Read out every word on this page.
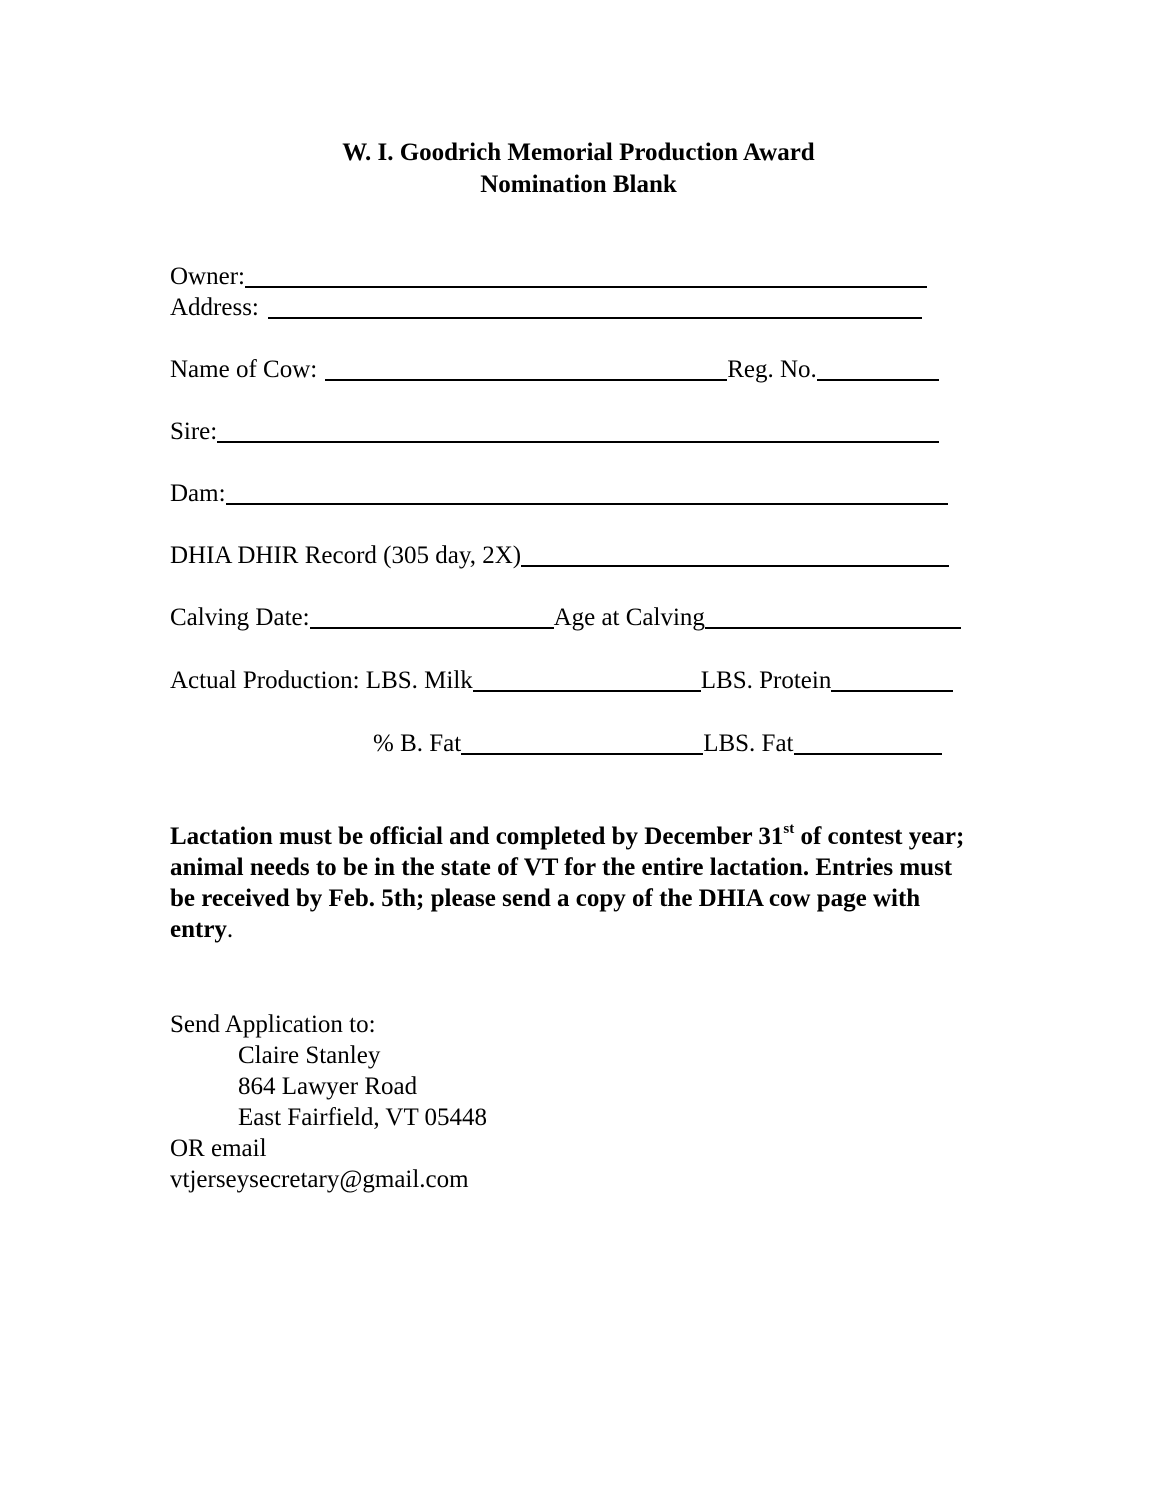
W. I. Goodrich Memorial Production Award
Nomination Blank
Owner:
Address:
Name of Cow:	Reg. No.
Sire:
Dam:
DHIA DHIR Record (305 day, 2X)
Calving Date:	Age at Calving
Actual Production: LBS. Milk	LBS. Protein
% B. Fat	LBS. Fat
Lactation must be official and completed by December 31st of contest year; animal needs to be in the state of VT for the entire lactation. Entries must be received by Feb. 5th; please send a copy of the DHIA cow page with entry.
Send Application to:
Claire Stanley
864 Lawyer Road
East Fairfield, VT 05448
OR email
vtjerseysecretary@gmail.com
